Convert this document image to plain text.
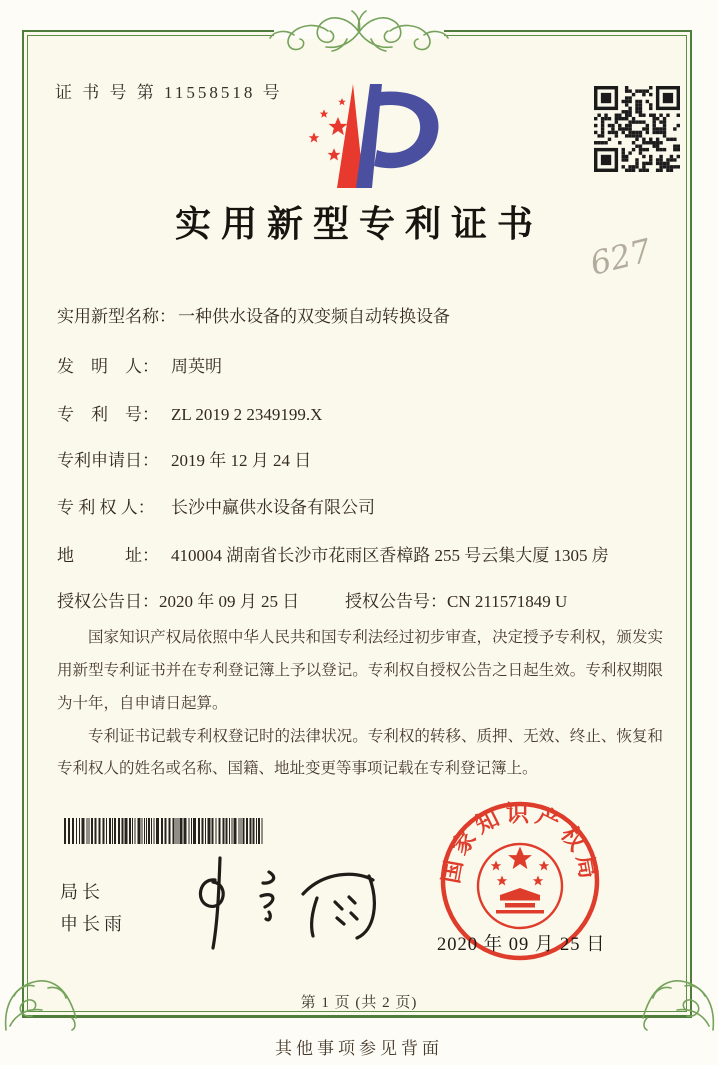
证 书 号 第 11558518 号
实用新型专利证书
627
实用新型名称： 一种供水设备的双变频自动转换设备
发　明　人： 周英明
专　利　号： ZL 2019 2 2349199.X
专利申请日： 2019 年 12 月 24 日
专 利 权 人： 长沙中赢供水设备有限公司
地　　　址： 410004 湖南省长沙市花雨区香樟路 255 号云集大厦 1305 房
授权公告日：2020 年 09 月 25 日	授权公告号：CN 211571849 U

国家知识产权局依照中华人民共和国专利法经过初步审查，决定授予专利权，颁发实用新型专利证书并在专利登记簿上予以登记。专利权自授权公告之日起生效。专利权期限为十年，自申请日起算。

专利证书记载专利权登记时的法律状况。专利权的转移、质押、无效、终止、恢复和专利权人的姓名或名称、国籍、地址变更等事项记载在专利登记簿上。

局长
申长雨
国家知识产权局
2020 年 09 月 25 日
第 1 页 (共 2 页)
其他事项参见背面
